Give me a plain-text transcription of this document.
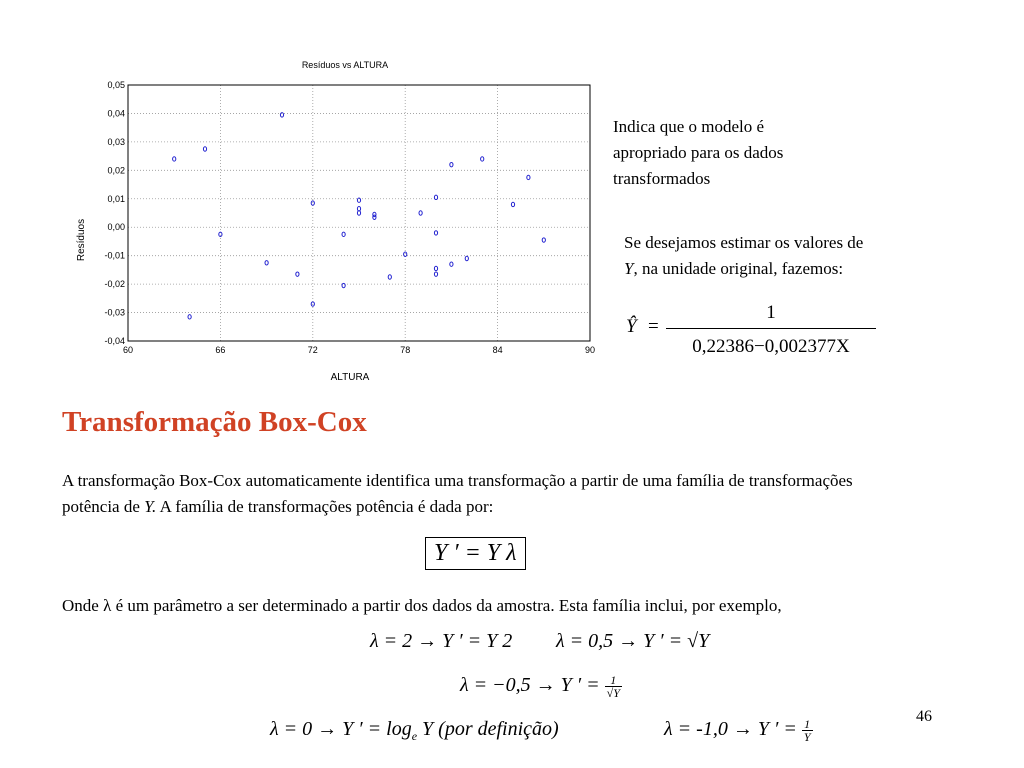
0,05
0,04
0,03
0,02
0,01
0,00
-0,01
-0,02
-0,03
-0,04
60	66	72	78	84	90
Resíduos vs ALTURA
ALTURA
Resíduos
Indica que o modelo é apropriado para os dados transformados
Se desejamos estimar os valores de
Y, na unidade original, fazemos:
Ŷ =
1
0,22386−0,002377X
Transformação Box-Cox
A transformação Box-Cox automaticamente identifica uma transformação a partir de uma família de transformações potência de Y. A família de transformações potência é dada por:
Y ′ = Y λ
Onde λ é um parâmetro a ser determinado a partir dos dados da amostra. Esta família inclui, por exemplo,
λ = 2 → Y ′ = Y 2 λ = 0,5 → Y ′ = √Y
λ = −0,5 → Y ′ = $\frac{1}{√Y}$
λ = 0 → Y ′ = $\log_e Y$ (por definição)	λ = -1,0 → Y ′ = $\frac{1}{Y}$
46
